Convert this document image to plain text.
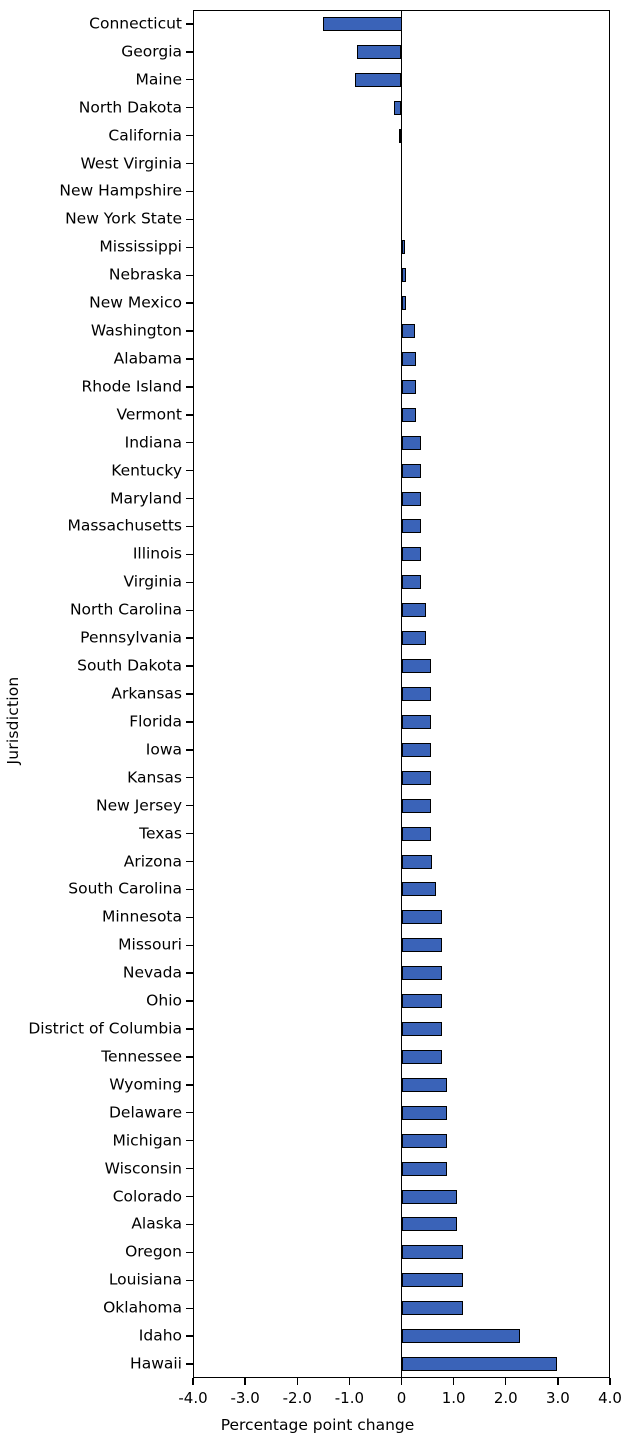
Jurisdiction
Connecticut
Georgia
Maine
North Dakota
California
West Virginia
New Hampshire
New York State
Mississippi
Nebraska
New Mexico
Washington
Alabama
Rhode Island
Vermont
Indiana
Kentucky
Maryland
Massachusetts
Illinois
Virginia
North Carolina
Pennsylvania
South Dakota
Arkansas
Florida
Iowa
Kansas
New Jersey
Texas
Arizona
South Carolina
Minnesota
Missouri
Nevada
Ohio
District of Columbia
Tennessee
Wyoming
Delaware
Michigan
Wisconsin
Colorado
Alaska
Oregon
Louisiana
Oklahoma
Idaho
Hawaii
-4.0 -3.0 -2.0 -1.0 0 1.0 2.0 3.0 4.0
Percentage point change
